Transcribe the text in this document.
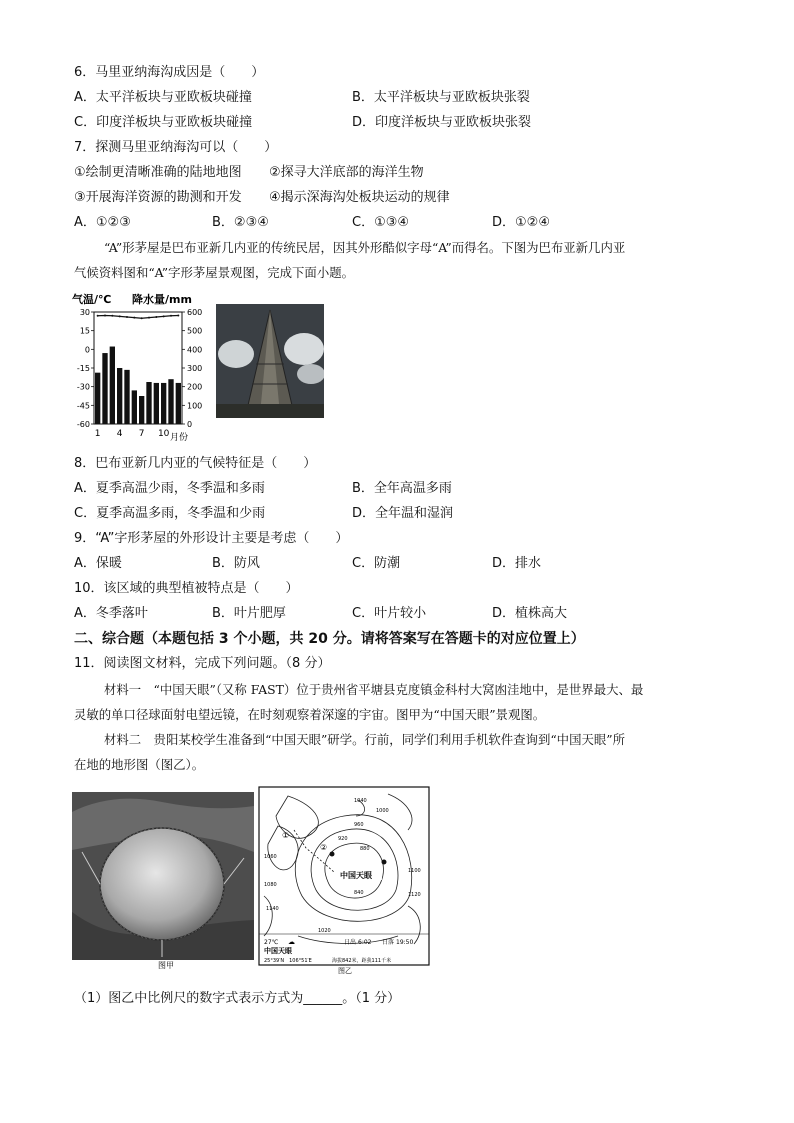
6．马里亚纳海沟成因是（　　）
A．太平洋板块与亚欧板块碰撞	B．太平洋板块与亚欧板块张裂
C．印度洋板块与亚欧板块碰撞	D．印度洋板块与亚欧板块张裂
7．探测马里亚纳海沟可以（　　）
①绘制更清晰准确的陆地地图 ②探寻大洋底部的海洋生物
③开展海洋资源的勘测和开发 ④揭示深海沟处板块运动的规律
A．①②③	B．②③④	C．①③④	D．①②④
“A”形茅屋是巴布亚新几内亚的传统民居，因其外形酷似字母“A”而得名。下图为巴布亚新几内亚
气候资料图和“A”字形茅屋景观图，完成下面小题。
气温/℃ 降水量/mm
30
15
0
-15
-30
-45
-60
600
500
400
300
200
100
0
1 4 7 10 月份
8．巴布亚新几内亚的气候特征是（　　）
A．夏季高温少雨，冬季温和多雨	B．全年高温多雨
C．夏季高温多雨，冬季温和少雨	D．全年温和湿润
9．“A”字形茅屋的外形设计主要是考虑（　　）
A．保暖	B．防风	C．防潮	D．排水
10．该区域的典型植被特点是（　　）
A．冬季落叶	B．叶片肥厚	C．叶片较小	D．植株高大
二、综合题（本题包括 3 个小题，共 20 分。请将答案写在答题卡的对应位置上）
11．阅读图文材料，完成下列问题。（8 分）
材料一　“中国天眼”（又称 FAST）位于贵州省平塘县克度镇金科村大窝凼洼地中，是世界最大、最
灵敏的单口径球面射电望远镜，在时刻观察着深邃的宇宙。图甲为“中国天眼”景观图。
材料二　贵阳某校学生准备到“中国天眼”研学。行前，同学们利用手机软件查询到“中国天眼”所
在地的地形图（图乙）。
图甲
①
②
1040
1000
960
920
880
840
1060
1080
1100
1120
1140
1020
中国天眼
27℃ ☁	日出 6:02 日落 19:50
中国天眼
25°39′N　106°51′E	海拔842米，距我111千米
图乙
（1）图乙中比例尺的数字式表示方式为______。（1 分）
